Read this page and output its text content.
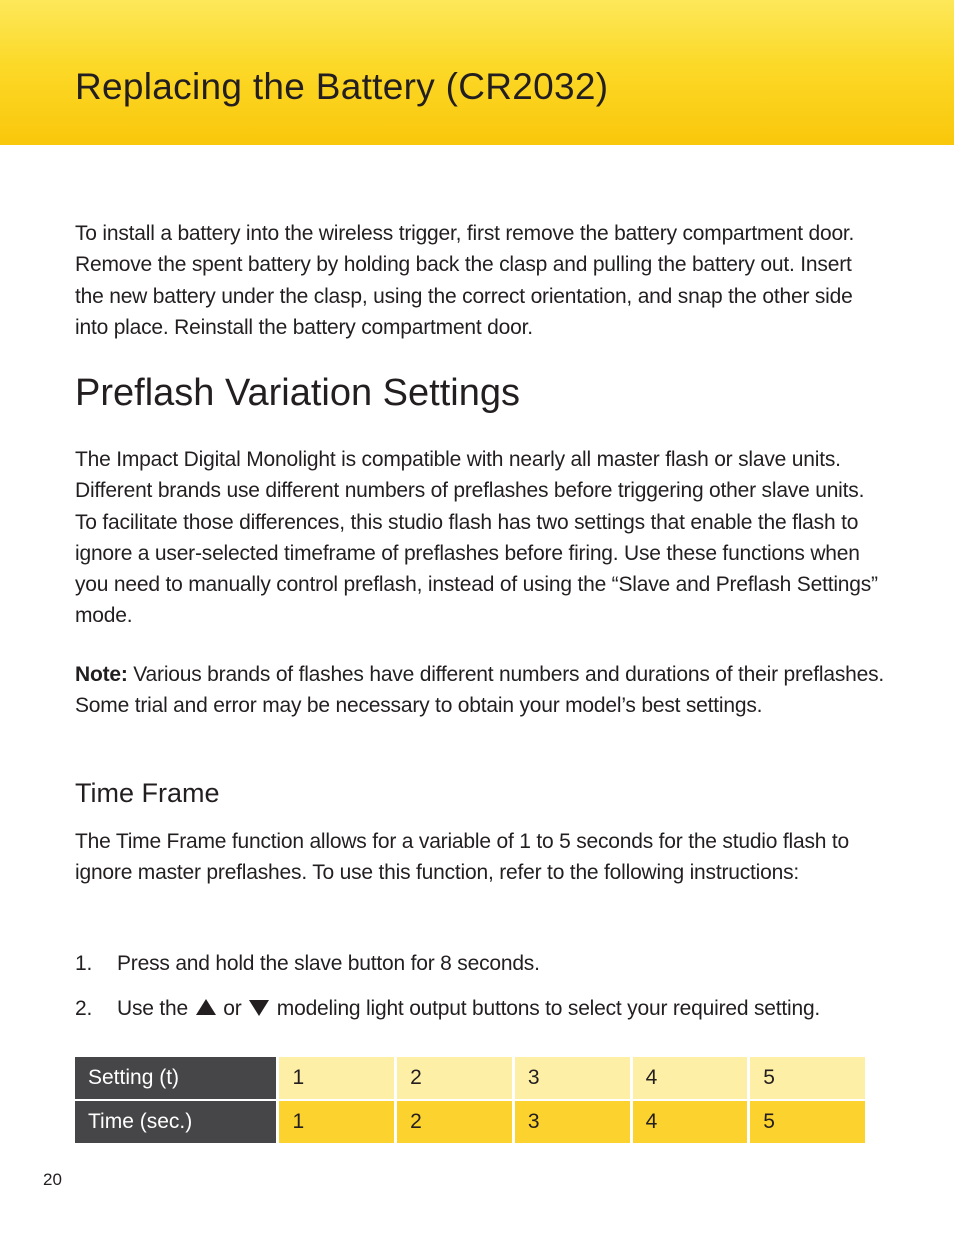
Replacing the Battery (CR2032)

To install a battery into the wireless trigger, first remove the battery compartment door. Remove the spent battery by holding back the clasp and pulling the battery out. Insert the new battery under the clasp, using the correct orientation, and snap the other side into place. Reinstall the battery compartment door.

Preflash Variation Settings

The Impact Digital Monolight is compatible with nearly all master flash or slave units. Different brands use different numbers of preflashes before triggering other slave units. To facilitate those differences, this studio flash has two settings that enable the flash to ignore a user-selected timeframe of preflashes before firing. Use these functions when you need to manually control preflash, instead of using the “Slave and Preflash Settings” mode.

Note: Various brands of flashes have different numbers and durations of their preflashes. Some trial and error may be necessary to obtain your model’s best settings.

Time Frame

The Time Frame function allows for a variable of 1 to 5 seconds for the studio flash to ignore master preflashes. To use this function, refer to the following instructions:

1. Press and hold the slave button for 8 seconds.
2. Use the  or  modeling light output buttons to select your required setting.
Setting (t)	1	2	3	4	5
Time (sec.)	1	2	3	4	5
20
